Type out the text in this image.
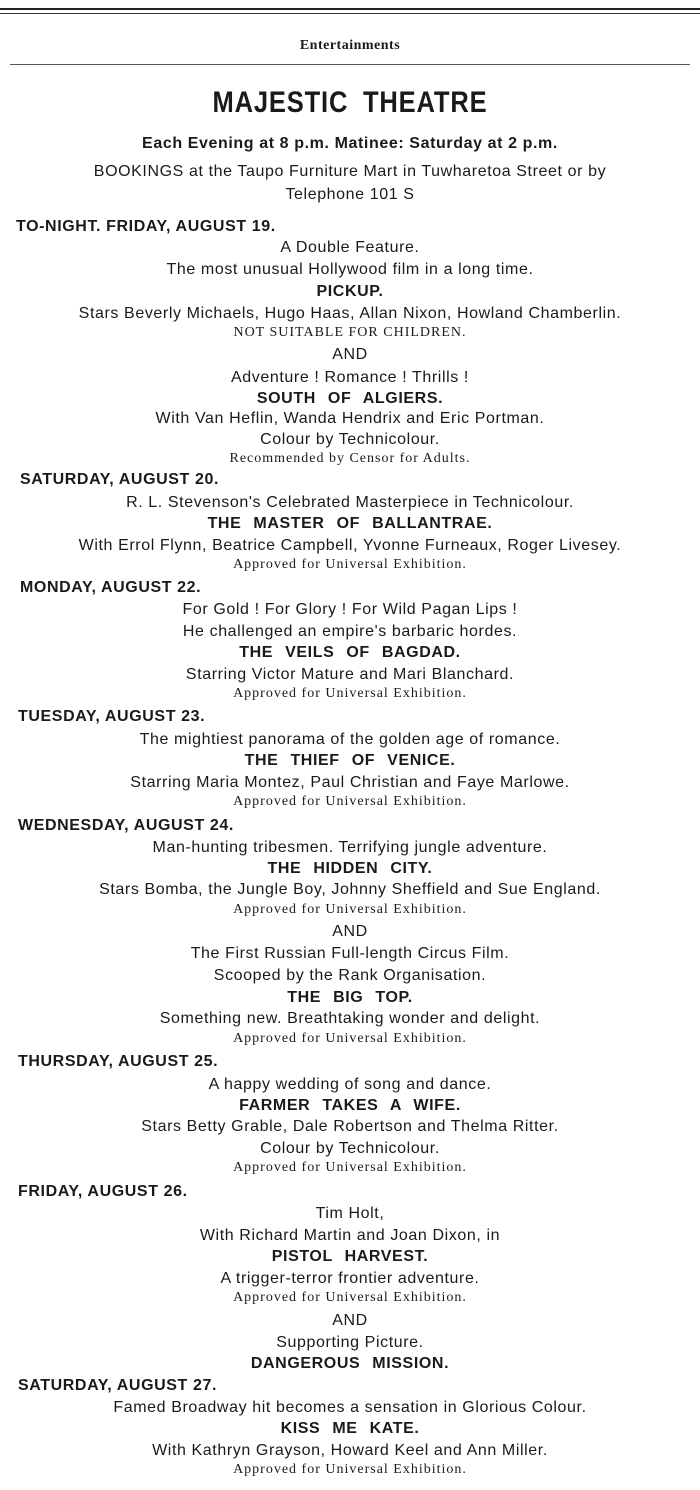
Entertainments
MAJESTIC THEATRE
Each Evening at 8 p.m. Matinee: Saturday at 2 p.m.
BOOKINGS at the Taupo Furniture Mart in Tuwharetoa Street or by
Telephone 101 S
TO-NIGHT. FRIDAY, AUGUST 19.
A Double Feature.
The most unusual Hollywood film in a long time.
PICKUP.
Stars Beverly Michaels, Hugo Haas, Allan Nixon, Howland Chamberlin.
NOT SUITABLE FOR CHILDREN.
AND
Adventure ! Romance ! Thrills !
SOUTH OF ALGIERS.
With Van Heflin, Wanda Hendrix and Eric Portman.
Colour by Technicolour.
Recommended by Censor for Adults.
SATURDAY, AUGUST 20.
R. L. Stevenson's Celebrated Masterpiece in Technicolour.
THE MASTER OF BALLANTRAE.
With Errol Flynn, Beatrice Campbell, Yvonne Furneaux, Roger Livesey.
Approved for Universal Exhibition.
MONDAY, AUGUST 22.
For Gold ! For Glory ! For Wild Pagan Lips !
He challenged an empire's barbaric hordes.
THE VEILS OF BAGDAD.
Starring Victor Mature and Mari Blanchard.
Approved for Universal Exhibition.
TUESDAY, AUGUST 23.
The mightiest panorama of the golden age of romance.
THE THIEF OF VENICE.
Starring Maria Montez, Paul Christian and Faye Marlowe.
Approved for Universal Exhibition.
WEDNESDAY, AUGUST 24.
Man-hunting tribesmen. Terrifying jungle adventure.
THE HIDDEN CITY.
Stars Bomba, the Jungle Boy, Johnny Sheffield and Sue England.
Approved for Universal Exhibition.
AND
The First Russian Full-length Circus Film.
Scooped by the Rank Organisation.
THE BIG TOP.
Something new. Breathtaking wonder and delight.
Approved for Universal Exhibition.
THURSDAY, AUGUST 25.
A happy wedding of song and dance.
FARMER TAKES A WIFE.
Stars Betty Grable, Dale Robertson and Thelma Ritter.
Colour by Technicolour.
Approved for Universal Exhibition.
FRIDAY, AUGUST 26.
Tim Holt,
With Richard Martin and Joan Dixon, in
PISTOL HARVEST.
A trigger-terror frontier adventure.
Approved for Universal Exhibition.
AND
Supporting Picture.
DANGEROUS MISSION.
SATURDAY, AUGUST 27.
Famed Broadway hit becomes a sensation in Glorious Colour.
KISS ME KATE.
With Kathryn Grayson, Howard Keel and Ann Miller.
Approved for Universal Exhibition.
